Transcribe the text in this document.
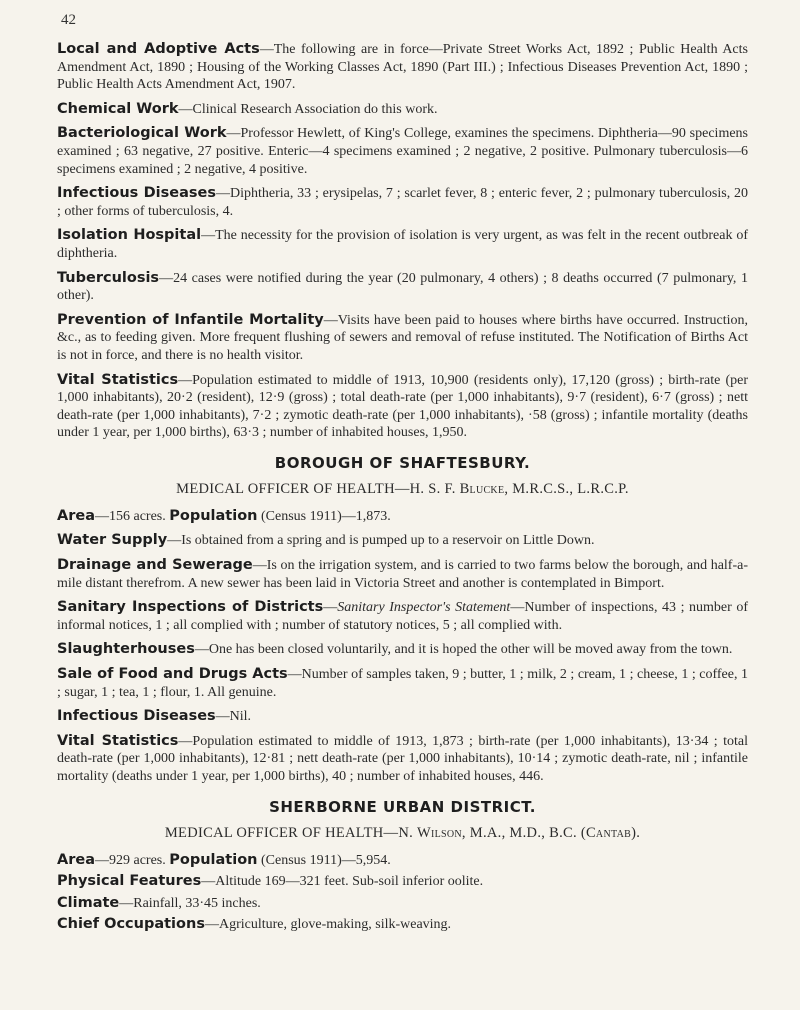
42

Local and Adoptive Acts—The following are in force—Private Street Works Act, 1892 ; Public Health Acts Amendment Act, 1890 ; Housing of the Working Classes Act, 1890 (Part III.) ; Infectious Diseases Prevention Act, 1890 ; Public Health Acts Amendment Act, 1907.

Chemical Work—Clinical Research Association do this work.

Bacteriological Work—Professor Hewlett, of King's College, examines the specimens. Diphtheria—90 specimens examined ; 63 negative, 27 positive. Enteric—4 specimens examined ; 2 negative, 2 positive. Pulmonary tuberculosis—6 specimens examined ; 2 negative, 4 positive.

Infectious Diseases—Diphtheria, 33 ; erysipelas, 7 ; scarlet fever, 8 ; enteric fever, 2 ; pulmonary tuberculosis, 20 ; other forms of tuberculosis, 4.

Isolation Hospital—The necessity for the provision of isolation is very urgent, as was felt in the recent outbreak of diphtheria.

Tuberculosis—24 cases were notified during the year (20 pulmonary, 4 others) ; 8 deaths occurred (7 pulmonary, 1 other).

Prevention of Infantile Mortality—Visits have been paid to houses where births have occurred. Instruction, &c., as to feeding given. More frequent flushing of sewers and removal of refuse instituted. The Notification of Births Act is not in force, and there is no health visitor.

Vital Statistics—Population estimated to middle of 1913, 10,900 (residents only), 17,120 (gross) ; birth-rate (per 1,000 inhabitants), 20·2 (resident), 12·9 (gross) ; total death-rate (per 1,000 inhabitants), 9·7 (resident), 6·7 (gross) ; nett death-rate (per 1,000 inhabitants), 7·2 ; zymotic death-rate (per 1,000 inhabitants), ·58 (gross) ; infantile mortality (deaths under 1 year, per 1,000 births), 63·3 ; number of inhabited houses, 1,950.

BOROUGH OF SHAFTESBURY.
MEDICAL OFFICER OF HEALTH—H. S. F. Blucke, M.R.C.S., L.R.C.P.

Area—156 acres. Population (Census 1911)—1,873.

Water Supply—Is obtained from a spring and is pumped up to a reservoir on Little Down.

Drainage and Sewerage—Is on the irrigation system, and is carried to two farms below the borough, and half-a-mile distant therefrom. A new sewer has been laid in Victoria Street and another is contemplated in Bimport.

Sanitary Inspections of Districts—Sanitary Inspector's Statement—Number of inspections, 43 ; number of informal notices, 1 ; all complied with ; number of statutory notices, 5 ; all complied with.

Slaughterhouses—One has been closed voluntarily, and it is hoped the other will be moved away from the town.

Sale of Food and Drugs Acts—Number of samples taken, 9 ; butter, 1 ; milk, 2 ; cream, 1 ; cheese, 1 ; coffee, 1 ; sugar, 1 ; tea, 1 ; flour, 1. All genuine.

Infectious Diseases—Nil.

Vital Statistics—Population estimated to middle of 1913, 1,873 ; birth-rate (per 1,000 inhabitants), 13·34 ; total death-rate (per 1,000 inhabitants), 12·81 ; nett death-rate (per 1,000 inhabitants), 10·14 ; zymotic death-rate, nil ; infantile mortality (deaths under 1 year, per 1,000 births), 40 ; number of inhabited houses, 446.

SHERBORNE URBAN DISTRICT.
MEDICAL OFFICER OF HEALTH—N. Wilson, M.A., M.D., B.C. (Cantab).

Area—929 acres. Population (Census 1911)—5,954.

Physical Features—Altitude 169—321 feet. Sub-soil inferior oolite.

Climate—Rainfall, 33·45 inches.

Chief Occupations—Agriculture, glove-making, silk-weaving.
